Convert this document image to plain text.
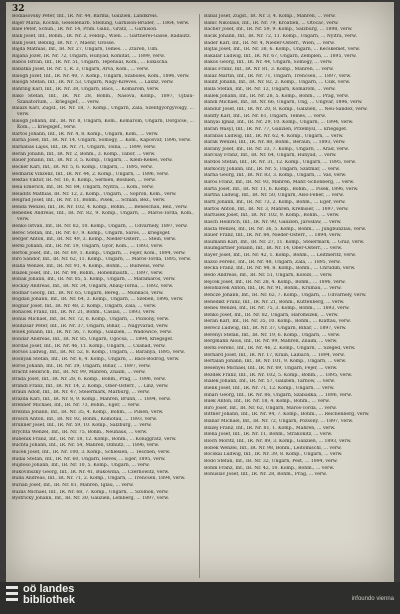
32

Bodlasovský Peter, Inf., IR. Nr. 44, Barma, Galizien, Landkreis.

Bajer Maria, Köchin, Gesellenarb. Stellung, Garnison-Brüder, ... 1864, verw.

Bale Peter, Schuh., IR. Nr. 14, Prim. Galiz., Gratz, ... Garnison.

Balk Josef, Inf., Böhm., IR. Nr. 2, Feldsp., Wien. ... Gärtnerei-Gasse, Radautz.

Balk Josef, Bebing, IR. Nr. 7, Maehr, Grosse.

Bajda Mathias, Inf., IR. Nr. 27, Ungarn, Temes. ... Ztaren, Ulm.

Bajana Jozef, IR. Nr. 72, Ungarn, Hunyad, Komitat, ... 1899, verw.

Babos Istvan, Inf., IR. Nr. 51, Ungarn, Tepenuál, Kom., ... Eskischa.

Bábatka Josef, IR. Nr. 1, R. 3, Ungarn, Árva, Kom., ... verw.

Bálogh Jozef, Inf., IR. Nr. 40, 7. Komp., Ungarn, Szaboles, Kom., 1896, verw.

Bálogh Stefan, Inf., IR. Nr. 53, Ungarn, Nagy-Kiréves, ... Laxnz, verw.

Bahring Karl, Inf., IR. Nr. 38, Ungarn, Bács, ... Komárom, verw.

Bakó Stefan, Inf., IR. Nr. 28, Böhm., Nasová, Komp., 1897, Ujfalu-Szanatorium, ... kriegsgef., ... verw.

Balázs Karl, Zugsf., IR. Nr. 18, 7. Komp., Ungarn, Zala, Szentgyörgyvölgy, ... verw.

Balogh Johann, Inf., IR. Nr. 8, Ungarn, Kom., Komárom, Ungarn, Dörgicse, ... Kom., ... kriegsgef., verw.

Bartos Johann, Inf., IR. Nr. 4, 8. Komp., Ungarn, Kom., ... verw.

Barna Josef, Inf., IR. Nr. 14, Ungarn, Somogy, ... Kom., Kaposvár, 1896, verw.

Barnabás Lajos, Inf., IR. Nr. 71, Ungarn, Tolna, ... 1899, verw.

Beran Johann, Inf., IR. Nr. 2, Böhm., 3. Komp., Tábor, ... verw.

Bauer Johann, Inf., IR. Nr. 3, 5. Komp., Ungarn, ... Klein-Kékes, verw.

Becker Karl, Inf., IR. Nr. 5, 6. Komp., Ungarn, ... 1895, verw.

Bednárik Vinzenz, Inf., IR. Nr. 44, 2. Komp., Ungarn, ... 1896, verw.

Bektas Viktor, IR. Nr. 16, 8. Komp., Serbien, Bosnien, ... verw.

Bela Emerich, Inf., IR. Nr. 84, Ungarn, Nyitra, ... Kom., verw.

Beladits Mathias, IR. Nr. 12, 2. Komp., Ungarn, ... Sopron, Kom., verw.

Belgrád Josef, Inf., IR. Nr. 11, Böhm., Pisek, ... Schlan, Bez., verw.

Benda Wenzel, Inf., IR. Nr. 102, 4. Komp., Böhm., ... Beneschau, Bez., verw.

Benedek Andreas, Inf., IR. Nr. 82, 9. Komp., Ungarn, ... Maros-Torda, Kom., verw.

Benkó Istvan, Inf., IR. Nr. 82, 10. Komp., Ungarn, ... Udvarhely, 1897, verw.

Berec Stefan, Inf., IR. Nr. 67, 9. Komp., Ungarn, Sáros, ... kriegsgef.

Berger Anton, Inf., IR. Nr. 49, 3. Komp., Nieder-Österr., ... Stein, verw.

Berki Johann, Inf., IR. Nr. 19, Ungarn, Győr, Kom., ... 1893, verw.

Bertók Josef, Inf., IR. Nr. 69, 1. Komp., Ungarn, ... Fejér, Kom., 1894, verw.

Bíró Sándor, Inf., IR. Nr. 62, 11. Komp., Ungarn, ... Maros-Torda, 1895, verw.

Blaha Wenzel, Inf., IR. Nr. 91, 4. Komp., Böhm., ... Budweis, verw.

Blažek Josef, Inf., IR. Nr. 98, Böhm., Hohenmauth, ... 1897, verw.

Bobák Johann, Inf., IR. Nr. 85, 5. Komp., Ungarn, ... Máramaros, verw.

Bočkay Andreas, Inf., IR. Nr. 34, Ungarn, Abauj-Torna, ... 1892, verw.

Bodnár Georg, Inf., IR. Nr. 65, Ungarn, Bereg, ... Munkács, verw.

Bogdan Johann, Inf., IR. Nr. 64, 3. Komp., Ungarn, ... Szeben, 1896, verw.

Bognár Josef, Inf., IR. Nr. 48, 2. Komp., Ungarn, Zala, ... verw.

Boháček Franz, Inf., IR. Nr. 21, Böhm., Časlau, ... 1893, verw.

Bohuš Michael, Inf., IR. Nr. 72, 6. Komp., Ungarn, ... Pozsony, verw.

Boldizsár Peter, Inf., IR. Nr. 37, Ungarn, Bihar, ... Nagyvárad, verw.

Bolek Johann, Inf., IR. Nr. 56, 7. Komp., Galizien, ... Wadowice, verw.

Bondár Andreas, Inf., IR. Nr. 85, Ungarn, Ugocsa, ... 1894, kriegsgef.

Bordás Josef, Inf., IR. Nr. 46, 11. Komp., Ungarn, ... Csanád, verw.

Borsos Ludwig, Inf., IR. Nr. 52, 8. Komp., Ungarn, ... Baranya, 1895, verw.

Bosnyák Stefan, Inf., IR. Nr. 6, 4. Komp., Ungarn, ... Bács-Bodrog, verw.

Boros Johann, Inf., IR. Nr. 39, Ungarn, Bihar, ... 1897, verw.

Bracht Heinrich, Inf., IR. Nr. 99, Mähren, Znaim, ... verw.

Brada Josef, Inf., IR. Nr. 28, 6. Komp., Böhm., Prag, ... 1896, verw.

Brandl Franz, Inf., IR. Nr. 14, 2. Komp., Ober-Österr., ... Linz, verw.

Braun Adolf, Inf., IR. Nr. 47, Steiermark, Marburg, ... verw.

Brázda Karl, Inf., IR. Nr. 8, 9. Komp., Mähren, Brünn, ... 1894, verw.

Brenner Michael, Inf., IR. Nr. 73, Böhm., Eger, ... verw.

Brezina Johann, Inf., IR. Nr. 35, 4. Komp., Böhm., ... Pilsen, verw.

Brosch Anton, Inf., IR. Nr. 92, Böhm., Komotau, ... 1893, verw.

Brunner Josef, Inf., IR. Nr. 59, 10. Komp., Salzburg, ... verw.

Brychta Wenzel, Inf., IR. Nr. 75, Böhm., Neuhaus, ... verw.

Bubenik Franz, Inf., IR. Nr. 18, 12. Komp., Böhm., ... Königgrätz, verw.

Buchta Johann, Inf., IR. Nr. 54, Mähren, Olmütz, ... 1896, verw.

Buček Josef, Inf., IR. Nr. 100, 3. Komp., Schlesien, ... Teschen, verw.

Budai Stefan, Inf., IR. Nr. 60, Ungarn, Heves, ... Eger, 1895, verw.

Bujdosó Johann, Inf., IR. Nr. 10, 5. Komp., Ungarn, ... verw.

Bukovinszky Georg, Inf., IR. Nr. 41, Bukowina, ... Czernowitz, verw.

Bulla Andreas, Inf., IR. Nr. 71, 2. Komp., Ungarn, ... Trencsén, 1894, verw.

Burián Josef, Inf., IR. Nr. 81, Mähren, Iglau, ... verw.

Buzás Michael, Inf., IR. Nr. 68, 7. Komp., Ungarn, ... Szolnok, verw.

Bystřický Johann, Inf., IR. Nr. 30, Galizien, Lemberg, ... 1897, verw.

Babál Josef, Zugsf., IR. Nr. 3, 4. Komp., Mähren, ... verw.

Babić Nikolaus, Inf., IR. Nr. 79, Kroatien, ... Otočac, verw.

Bacher Josef, Inf., IR. Nr. 59, 9. Komp., Salzburg, ... 1898, verw.

Bačík Johann, Inf., IR. Nr. 72, 11. Komp., Ungarn, ... Nyitra, verw.

Bader Karl, Inf., IR. Nr. 4, Nieder-Österr., Wien, ... verw.

Bajtai Josef, Inf., IR. Nr. 38, 6. Komp., Ungarn, ... Kecskemét, verw.

Bakalár Ludwig, Inf., IR. Nr. 67, Ungarn, Zemplén, ... 1895, verw.

Bakos Georg, Inf., IR. Nr. 44, Ungarn, Somogy, ... verw.

Balaš Franz, Inf., IR. Nr. 81, 3. Komp., Mähren, ... verw.

Baláž Martin, Inf., IR. Nr. 71, Ungarn, Trencsén, ... 1897, verw.

Balint Johann, Inf., IR. Nr. 82, 2. Komp., Ungarn, ... Csík, verw.

Balla Stefan, Inf., IR. Nr. 12, Ungarn, Komárom, ... verw.

Ballek Johann, Inf., IR. Nr. 28, 5. Komp., Böhm., ... Prag, verw.

Bandi Michael, Inf., IR. Nr. 66, Ungarn, Ung, ... Ungvár, 1896, verw.

Bandur Josef, Inf., IR. Nr. 20, 8. Komp., Galizien, ... Neu-Sandez, verw.

Bánffy Karl, Inf., IR. Nr. 61, Ungarn, Temes, ... verw.

Bányai Ignaz, Inf., IR. Nr. 29, 10. Komp., Ungarn, ... 1894, verw.

Baran Wasyl, Inf., IR. Nr. 77, Galizien, Przemyśl, ... kriegsgef.

Barabás Ludwig, Inf., IR. Nr. 62, 4. Komp., Ungarn, ... verw.

Barák Wenzel, Inf., IR. Nr. 88, Böhm., Beraun, ... 1893, verw.

Barany Josef, Inf., IR. Nr. 33, 7. Komp., Ungarn, ... Arad, verw.

Barcsay Franz, Inf., IR. Nr. 64, Ungarn, Hunyad, ... verw.

Bárdos Stefan, Inf., IR. Nr. 31, 12. Komp., Ungarn, ... 1895, verw.

Barkóczy Johann, Inf., IR. Nr. 5, Ungarn, Szatmár, ... verw.

Barna Georg, Inf., IR. Nr. 83, 3. Komp., Ungarn, ... Vas, verw.

Baroš Franz, Inf., IR. Nr. 93, Mähren, Mähr.-Schönberg, ... verw.

Bárta Josef, Inf., IR. Nr. 11, 6. Komp., Böhm., ... Písek, 1896, verw.

Bartha Ludwig, Inf., IR. Nr. 50, Ungarn, Alsó-Fehér, ... verw.

Bartl Johann, Inf., IR. Nr. 73, 2. Komp., Böhm., ... Eger, verw.

Bartoš Anton, Inf., IR. Nr. 3, Mähren, Kremsier, ... 1897, verw.

Bartusek Josef, Inf., IR. Nr. 102, 9. Komp., Böhm., ... verw.

Basch Heinrich, Inf., IR. Nr. 90, Galizien, Jarosław, ... verw.

Bašta Wenzel, Inf., IR. Nr. 36, 5. Komp., Böhm., ... Jungbunzlau, verw.

Bauer Franz, Inf., IR. Nr. 84, Nieder-Österr., ... 1894, verw.

Baumann Karl, Inf., IR. Nr. 27, 11. Komp., Steiermark, ... Graz, verw.

Baumgartner Johann, Inf., IR. Nr. 14, Ober-Österr., ... verw.

Bayer Josef, Inf., IR. Nr. 42, 1. Komp., Böhm., ... Leitmeritz, verw.

Bazsó Ferenc, Inf., IR. Nr. 48, Ungarn, Zala, ... 1895, verw.

Bečka Franz, Inf., IR. Nr. 98, 8. Komp., Böhm., ... Chrudim, verw.

Bedő Andreas, Inf., IR. Nr. 51, Ungarn, Kolozs, ... verw.

Bejček Josef, Inf., IR. Nr. 28, 4. Komp., Böhm., ... 1896, verw.

Bělohlávek Anton, Inf., IR. Nr. 91, Böhm., Krumau, ... verw.

Bencze Johann, Inf., IR. Nr. 62, 7. Komp., Ungarn, ... Udvarhely, verw.

Benedikt Franz, Inf., IR. Nr. 21, Böhm., Kuttenberg, ... verw.

Beneš Wenzel, Inf., IR. Nr. 75, 3. Komp., Böhm., ... 1893, verw.

Benkő Josef, Inf., IR. Nr. 82, Ungarn, Háromszék, ... verw.

Berán Karl, Inf., IR. Nr. 35, 10. Komp., Böhm., ... Klattau, verw.

Berecz Ludwig, Inf., IR. Nr. 37, Ungarn, Bihar, ... 1897, verw.

Berényi Stefan, Inf., IR. Nr. 19, 6. Komp., Ungarn, ... verw.

Bergmann Alois, Inf., IR. Nr. 99, Mähren, Znaim, ... verw.

Berki Ferenc, Inf., IR. Nr. 46, 2. Komp., Ungarn, ... Szeged, verw.

Bernard Josef, Inf., IR. Nr. 17, Krain, Laibach, ... 1894, verw.

Bertalan Johann, Inf., IR. Nr. 101, 9. Komp., Ungarn, ... verw.

Besenyei Michael, Inf., IR. Nr. 69, Ungarn, Fejér, ... verw.

Bezděk Franz, Inf., IR. Nr. 102, 5. Komp., Böhm., ... 1895, verw.

Bialek Johann, Inf., IR. Nr. 57, Galizien, Tarnów, ... verw.

Bielik Josef, Inf., IR. Nr. 71, 12. Komp., Ungarn, ... verw.

Bihari Georg, Inf., IR. Nr. 86, Ungarn, Szabadka, ... 1896, verw.

Bilek Anton, Inf., IR. Nr. 18, 4. Komp., Böhm., ... verw.

Biró Josef, Inf., IR. Nr. 62, Ungarn, Maros-Torda, ... verw.

Bittner Johann, Inf., IR. Nr. 94, 7. Komp., Böhm., ... Reichenberg, verw.

Blanár Michael, Inf., IR. Nr. 72, Ungarn, Pozsony, ... 1897, verw.

Blažej Franz, Inf., IR. Nr. 81, 1. Komp., Mähren, ... verw.

Bleha Josef, Inf., IR. Nr. 11, Böhm., Strakonitz, ... verw.

Bloch Moritz, Inf., IR. Nr. 89, 3. Komp., Galizien, ... 1893, verw.

Bobek Wenzel, Inf., IR. Nr. 98, Böhm., Leitomischl, ... verw.

Bocskai Ludwig, Inf., IR. Nr. 39, 8. Komp., Ungarn, ... verw.

Bodó Stefan, Inf., IR. Nr. 32, Ungarn, Pest, ... 1894, verw.

Böhm Franz, Inf., IR. Nr. 42, 10. Komp., Böhm., ... verw.

Bohuslav Josef, Inf., IR. Nr. 28, Böhm., Prag, ... verw.

oö landes
bibliothek	infoundo vienna
